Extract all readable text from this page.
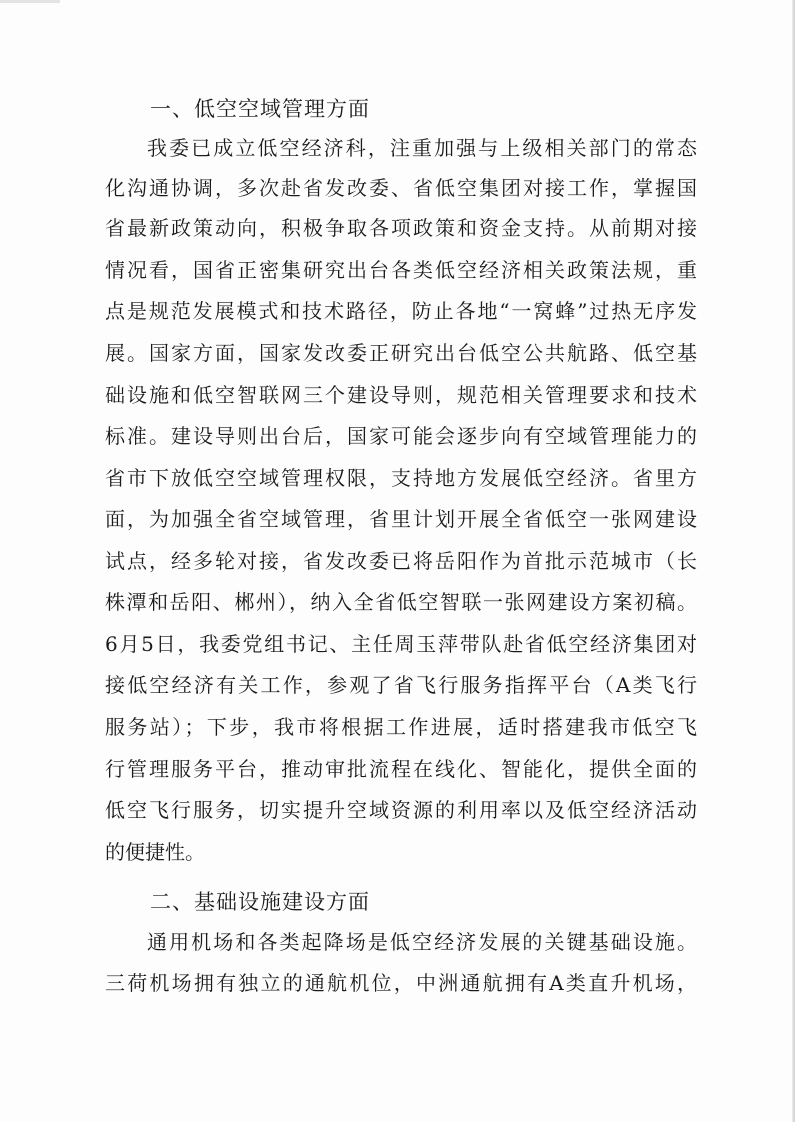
一、低空空域管理方面
我委已成立低空经济科，注重加强与上级相关部门的常态
化沟通协调，多次赴省发改委、省低空集团对接工作，掌握国
省最新政策动向，积极争取各项政策和资金支持。从前期对接
情况看，国省正密集研究出台各类低空经济相关政策法规，重
点是规范发展模式和技术路径，防止各地“一窝蜂”过热无序发
展。国家方面，国家发改委正研究出台低空公共航路、低空基
础设施和低空智联网三个建设导则，规范相关管理要求和技术
标准。建设导则出台后，国家可能会逐步向有空域管理能力的
省市下放低空空域管理权限，支持地方发展低空经济。省里方
面，为加强全省空域管理，省里计划开展全省低空一张网建设
试点，经多轮对接，省发改委已将岳阳作为首批示范城市（长
株潭和岳阳、郴州），纳入全省低空智联一张网建设方案初稿。
6月5日，我委党组书记、主任周玉萍带队赴省低空经济集团对
接低空经济有关工作，参观了省飞行服务指挥平台（A类飞行
服务站）；下步，我市将根据工作进展，适时搭建我市低空飞
行管理服务平台，推动审批流程在线化、智能化，提供全面的
低空飞行服务，切实提升空域资源的利用率以及低空经济活动
的便捷性。
二、基础设施建设方面
通用机场和各类起降场是低空经济发展的关键基础设施。
三荷机场拥有独立的通航机位，中洲通航拥有A类直升机场，
